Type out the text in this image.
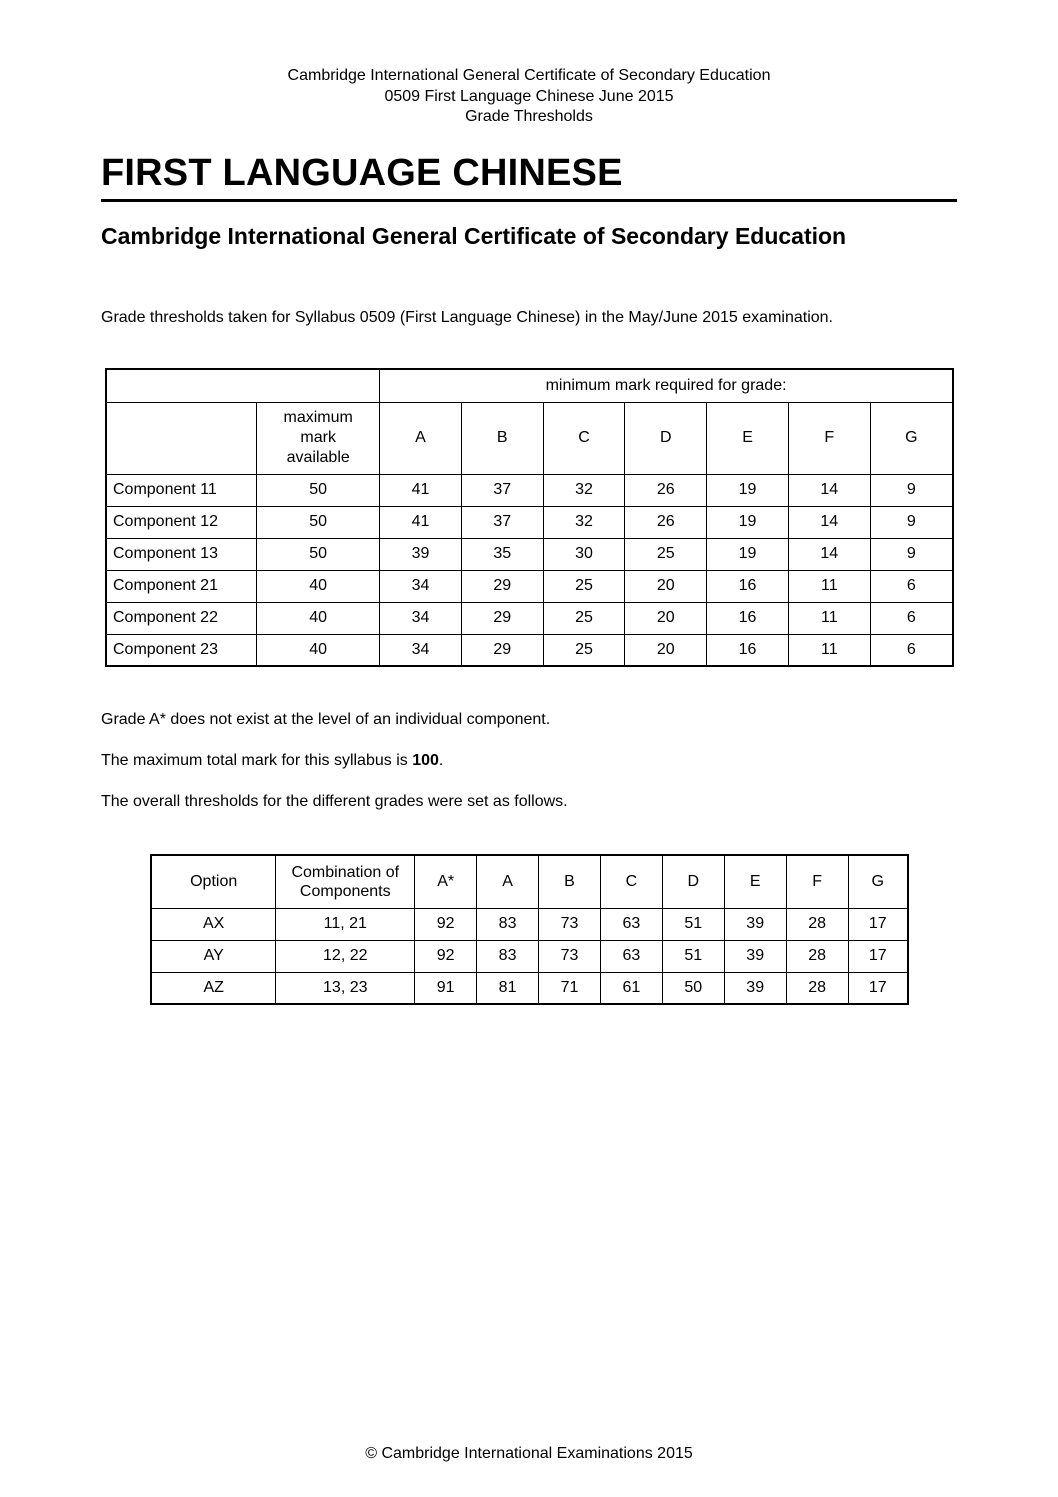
Cambridge International General Certificate of Secondary Education
0509 First Language Chinese June 2015
Grade Thresholds
FIRST LANGUAGE CHINESE
Cambridge International General Certificate of Secondary Education

Grade thresholds taken for Syllabus 0509 (First Language Chinese) in the May/June 2015 examination.

		minimum mark required for grade:						
	maximum
mark
available	A	B	C	D	E	F	G
Component 11	50	41	37	32	26	19	14	9
Component 12	50	41	37	32	26	19	14	9
Component 13	50	39	35	30	25	19	14	9
Component 21	40	34	29	25	20	16	11	6
Component 22	40	34	29	25	20	16	11	6
Component 23	40	34	29	25	20	16	11	6

Grade A* does not exist at the level of an individual component.

The maximum total mark for this syllabus is 100.

The overall thresholds for the different grades were set as follows.

Option	Combination of
Components	A*	A	B	C	D	E	F	G
AX	11, 21	92	83	73	63	51	39	28	17
AY	12, 22	92	83	73	63	51	39	28	17
AZ	13, 23	91	81	71	61	50	39	28	17
© Cambridge International Examinations 2015
